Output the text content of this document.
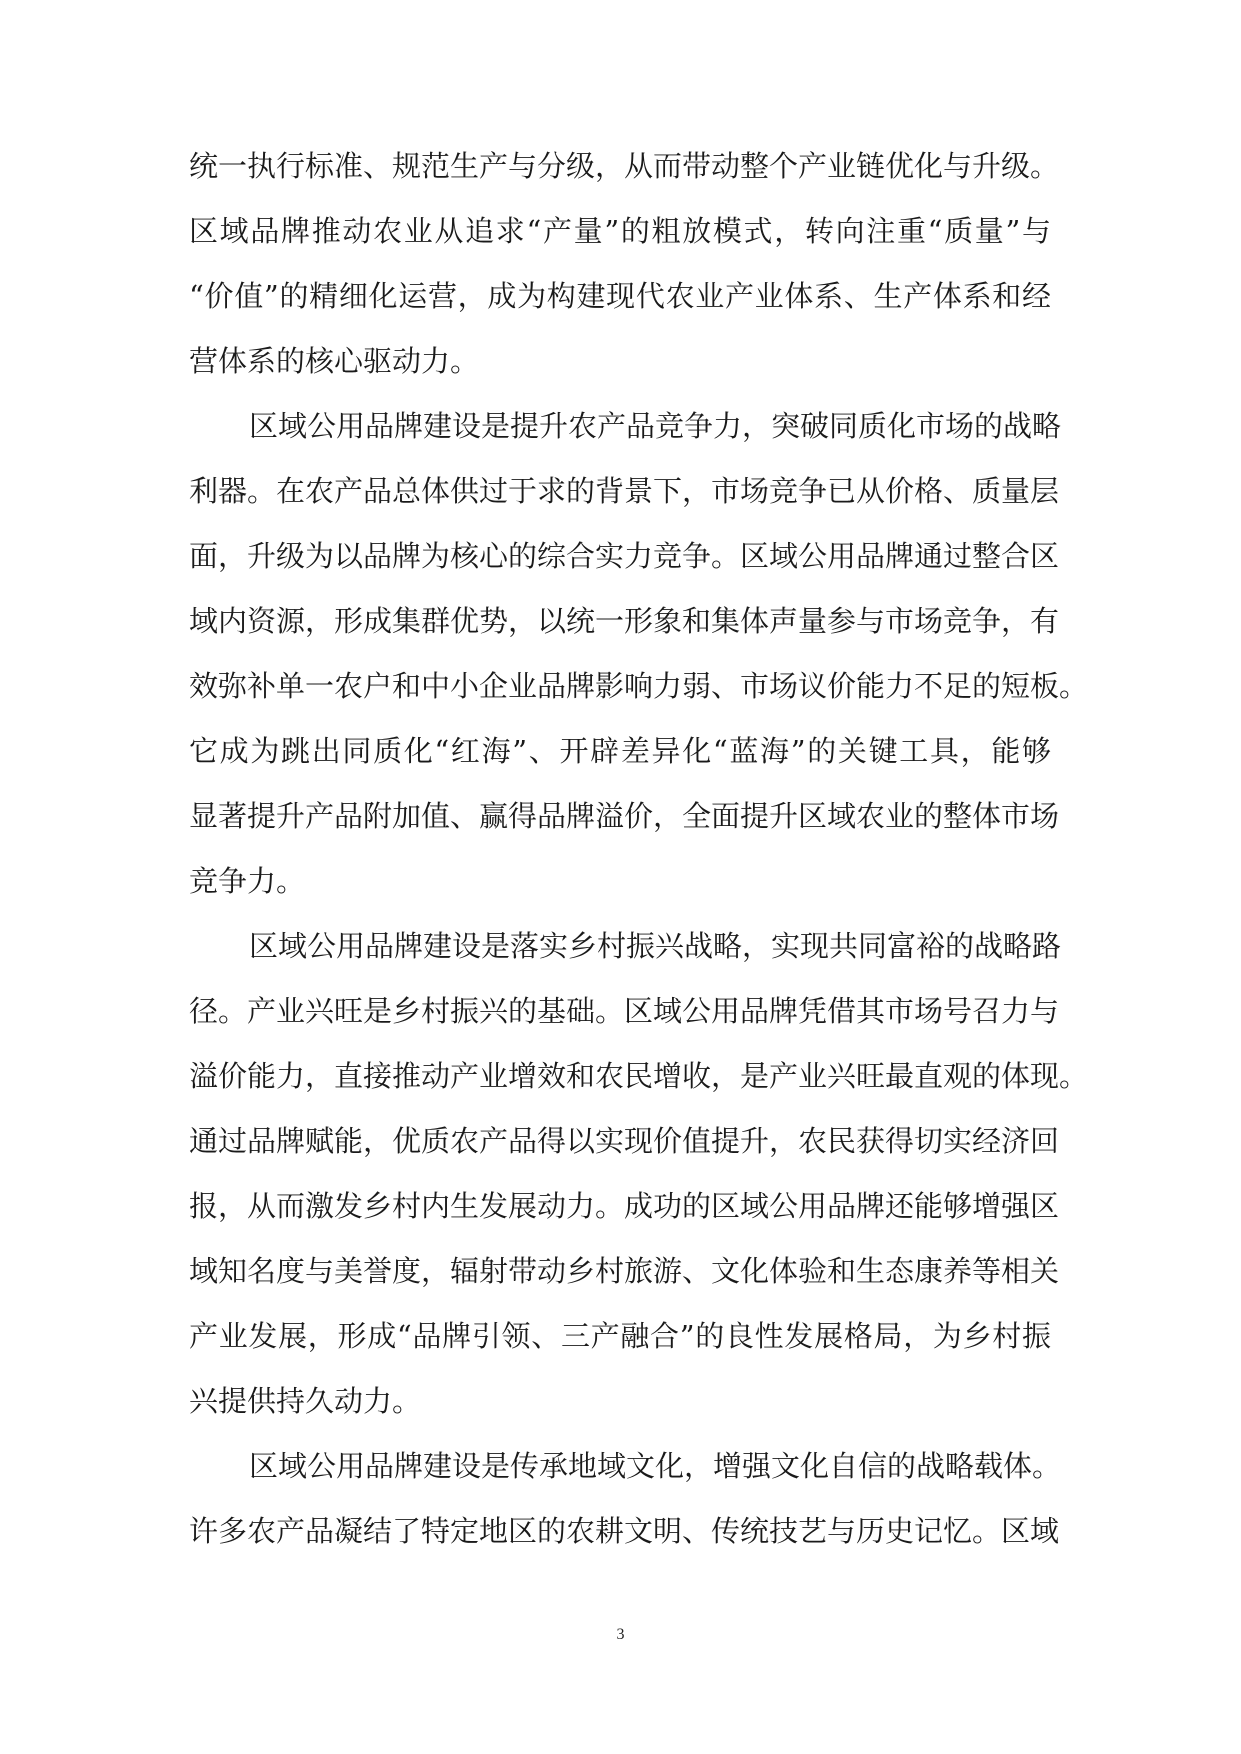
统一执行标准、规范生产与分级，从而带动整个产业链优化与升级。
区域品牌推动农业从追求“产量”的粗放模式，转向注重“质量”与
“价值”的精细化运营，成为构建现代农业产业体系、生产体系和经
营体系的核心驱动力。
区域公用品牌建设是提升农产品竞争力，突破同质化市场的战略
利器。在农产品总体供过于求的背景下，市场竞争已从价格、质量层
面，升级为以品牌为核心的综合实力竞争。区域公用品牌通过整合区
域内资源，形成集群优势，以统一形象和集体声量参与市场竞争，有
效弥补单一农户和中小企业品牌影响力弱、市场议价能力不足的短板。
它成为跳出同质化“红海”、开辟差异化“蓝海”的关键工具，能够
显著提升产品附加值、赢得品牌溢价，全面提升区域农业的整体市场
竞争力。
区域公用品牌建设是落实乡村振兴战略，实现共同富裕的战略路
径。产业兴旺是乡村振兴的基础。区域公用品牌凭借其市场号召力与
溢价能力，直接推动产业增效和农民增收，是产业兴旺最直观的体现。
通过品牌赋能，优质农产品得以实现价值提升，农民获得切实经济回
报，从而激发乡村内生发展动力。成功的区域公用品牌还能够增强区
域知名度与美誉度，辐射带动乡村旅游、文化体验和生态康养等相关
产业发展，形成“品牌引领、三产融合”的良性发展格局，为乡村振
兴提供持久动力。
区域公用品牌建设是传承地域文化，增强文化自信的战略载体。
许多农产品凝结了特定地区的农耕文明、传统技艺与历史记忆。区域
3
